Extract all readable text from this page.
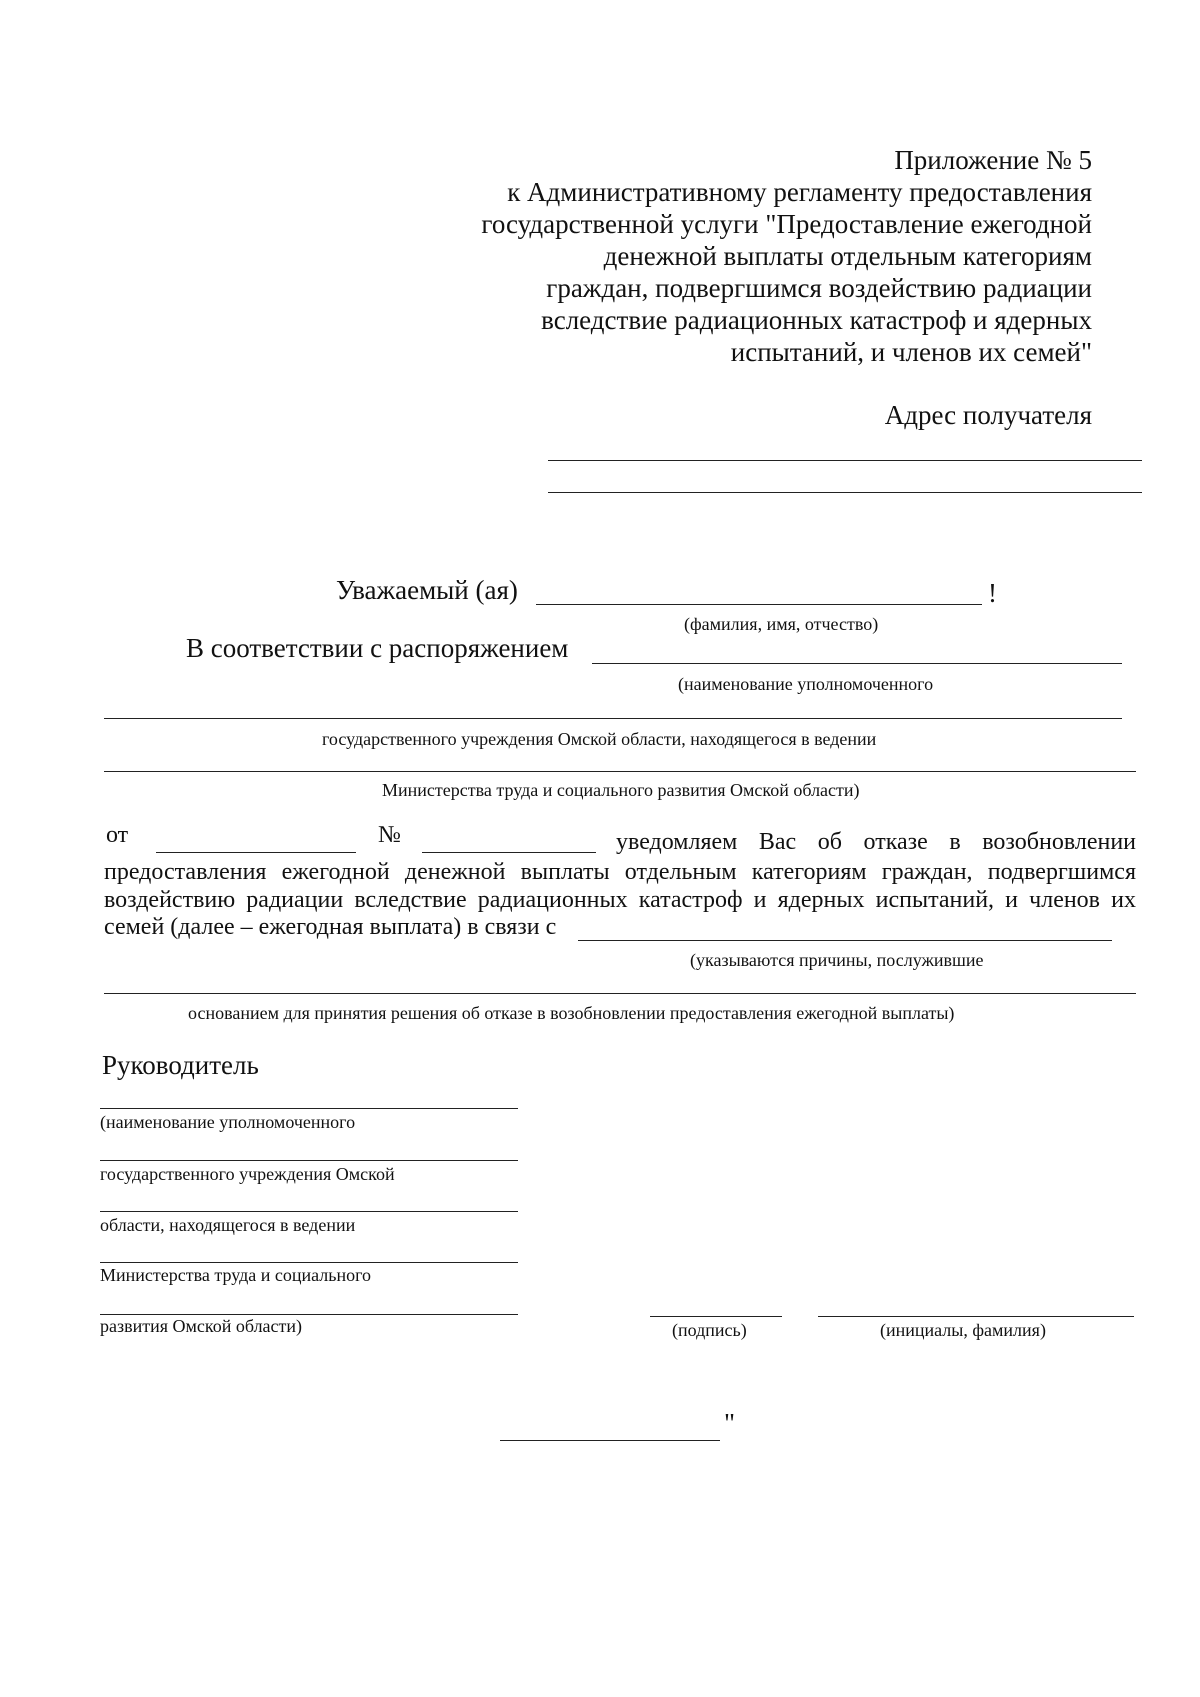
Приложение № 5
к Административному регламенту предоставления
государственной услуги "Предоставление ежегодной
денежной выплаты отдельным категориям
граждан, подвергшимся воздействию радиации
вследствие радиационных катастроф и ядерных
испытаний, и членов их семей"
Адрес получателя
Уважаемый (ая)	!
(фамилия, имя, отчество)
В соответствии с распоряжением
(наименование уполномоченного
государственного учреждения Омской области, находящегося в ведении
Министерства труда и социального развития Омской области)
от	№	уведомляем Вас об отказе в возобновлении
предоставления ежегодной денежной выплаты отдельным категориям граждан, подвергшимся
воздействию радиации вследствие радиационных катастроф и ядерных испытаний, и членов их
семей (далее – ежегодная выплата) в связи с
(указываются причины, послужившие
основанием для принятия решения об отказе в возобновлении предоставления ежегодной выплаты)
Руководитель
(наименование уполномоченного
государственного учреждения Омской
области, находящегося в ведении
Министерства труда и социального
развития Омской области)	(подпись)	(инициалы, фамилия)
"
